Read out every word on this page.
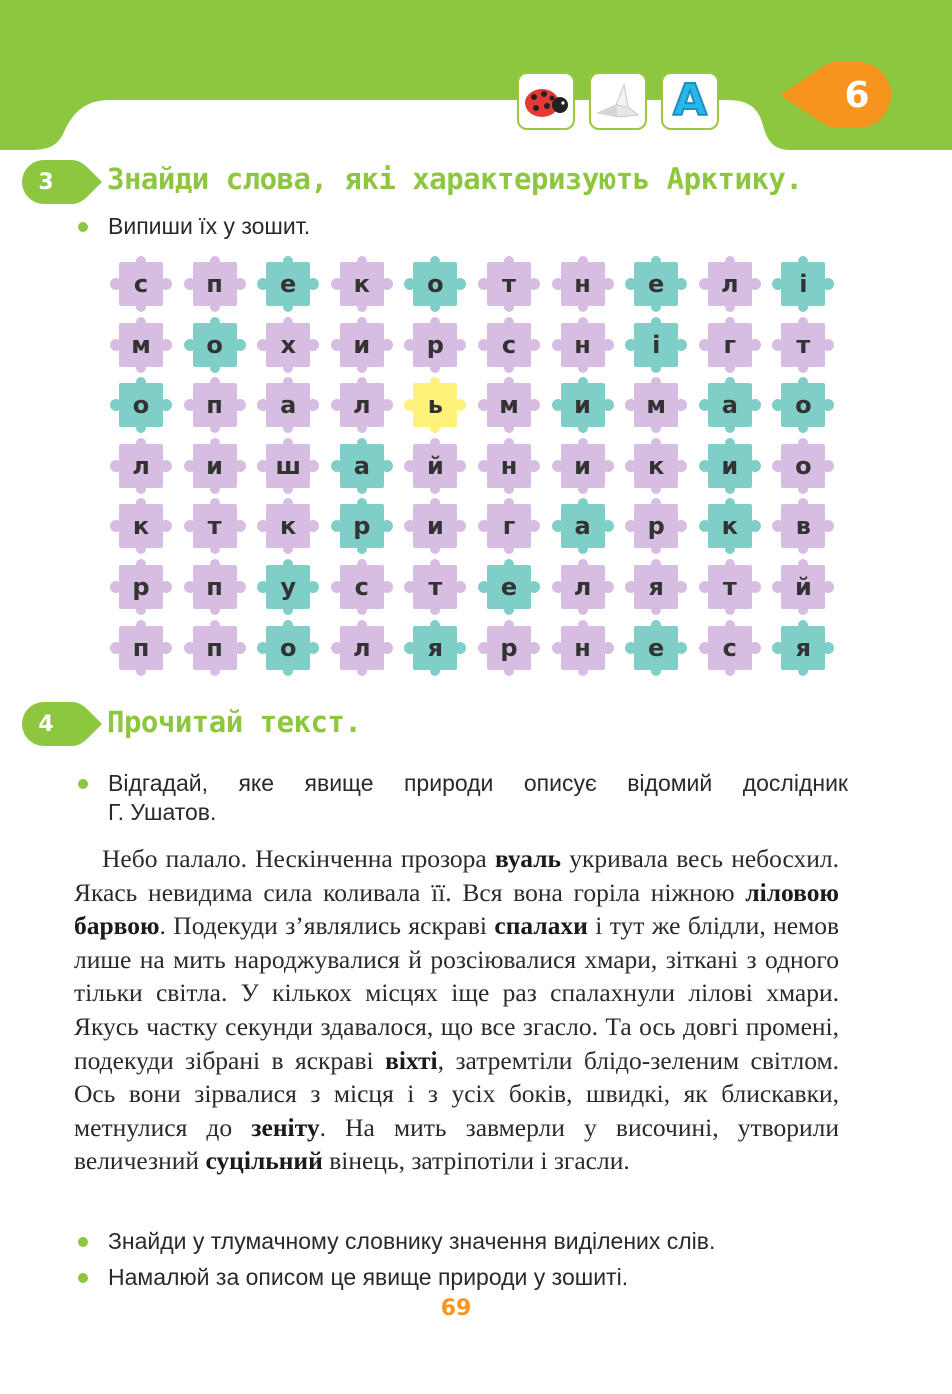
А	6
3	Знайди слова, які характеризують Арктику.
Випиши їх у зошит.
с	п	е	к	о	т	н	е	л	і
м	о	х	и	р	с	н	і	г	т
о	п	а	л	ь	м	и	м	а	о
л	и	ш	а	й	н	и	к	и	о
к	т	к	р	и	г	а	р	к	в
р	п	у	с	т	е	л	я	т	й
п	п	о	л	я	р	н	е	с	я
4	Прочитай текст.
Відгадай, яке явище природи описує відомий дослідник
Г. Ушатов.

Небо палало. Нескінченна прозора вуаль укривала весь небосхил. Якась невидима сила коливала її. Вся вона горіла ніжною ліловою барвою. Подекуди з’являлись яскраві спалахи і тут же блідли, немов лише на мить народжувалися й розсіювалися хмари, зіткані з одного тільки світла. У кількох місцях іще раз спалахнули лілові хмари. Якусь частку секунди здавалося, що все згасло. Та ось довгі промені, подекуди зібрані в яскраві віхті, затремтіли блідо-зеленим світлом. Ось вони зірвалися з місця і з усіх боків, швидкі, як блискавки, метнулися до зеніту. На мить завмерли у височині, утворили величезний суцільний вінець, затріпотіли і згасли.

Знайди у тлумачному словнику значення виділених слів.
Намалюй за описом це явище природи у зошиті.
69
